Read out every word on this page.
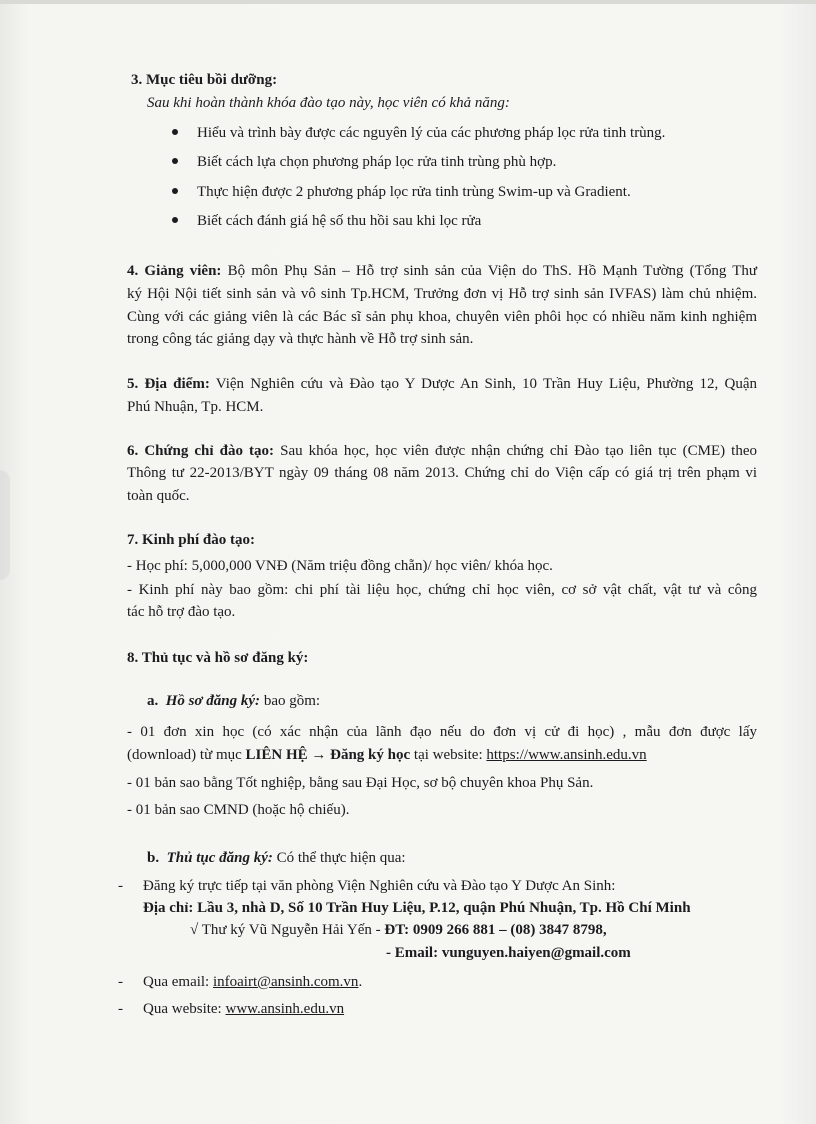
3. Mục tiêu bồi dưỡng:
Sau khi hoàn thành khóa đào tạo này, học viên có khả năng:
Hiểu và trình bày được các nguyên lý của các phương pháp lọc rửa tinh trùng.
Biết cách lựa chọn phương pháp lọc rửa tinh trùng phù hợp.
Thực hiện được 2 phương pháp lọc rửa tinh trùng Swim-up và Gradient.
Biết cách đánh giá hệ số thu hồi sau khi lọc rửa
4. Giảng viên: Bộ môn Phụ Sản – Hỗ trợ sinh sản của Viện do ThS. Hồ Mạnh Tường (Tổng Thư
ký Hội Nội tiết sinh sản và vô sinh Tp.HCM, Trưởng đơn vị Hỗ trợ sinh sản IVFAS) làm chủ nhiệm.
Cùng với các giảng viên là các Bác sĩ sản phụ khoa, chuyên viên phôi học có nhiều năm kinh nghiệm
trong công tác giảng dạy và thực hành về Hỗ trợ sinh sản.
5. Địa điểm: Viện Nghiên cứu và Đào tạo Y Dược An Sinh, 10 Trần Huy Liệu, Phường 12, Quận
Phú Nhuận, Tp. HCM.
6. Chứng chỉ đào tạo: Sau khóa học, học viên được nhận chứng chỉ Đào tạo liên tục (CME) theo
Thông tư 22-2013/BYT ngày 09 tháng 08 năm 2013. Chứng chỉ do Viện cấp có giá trị trên phạm vi
toàn quốc.
7. Kinh phí đào tạo:
- Học phí: 5,000,000 VNĐ (Năm triệu đồng chẵn)/ học viên/ khóa học.
- Kinh phí này bao gồm: chi phí tài liệu học, chứng chỉ học viên, cơ sở vật chất, vật tư và công
tác hỗ trợ đào tạo.
8. Thủ tục và hồ sơ đăng ký:
a. Hồ sơ đăng ký: bao gồm:
- 01 đơn xin học (có xác nhận của lãnh đạo nếu do đơn vị cử đi học) , mẫu đơn được lấy
(download) từ mục LIÊN HỆ → Đăng ký học tại website: https://www.ansinh.edu.vn
- 01 bản sao bằng Tốt nghiệp, bằng sau Đại Học, sơ bộ chuyên khoa Phụ Sản.
- 01 bản sao CMND (hoặc hộ chiếu).
b. Thủ tục đăng ký: Có thể thực hiện qua:
- Đăng ký trực tiếp tại văn phòng Viện Nghiên cứu và Đào tạo Y Dược An Sinh:
Địa chỉ: Lầu 3, nhà D, Số 10 Trần Huy Liệu, P.12, quận Phú Nhuận, Tp. Hồ Chí Minh
√ Thư ký Vũ Nguyễn Hải Yến - ĐT: 0909 266 881 – (08) 3847 8798,
- Email: vunguyen.haiyen@gmail.com
- Qua email: infoairt@ansinh.com.vn.
- Qua website: www.ansinh.edu.vn
